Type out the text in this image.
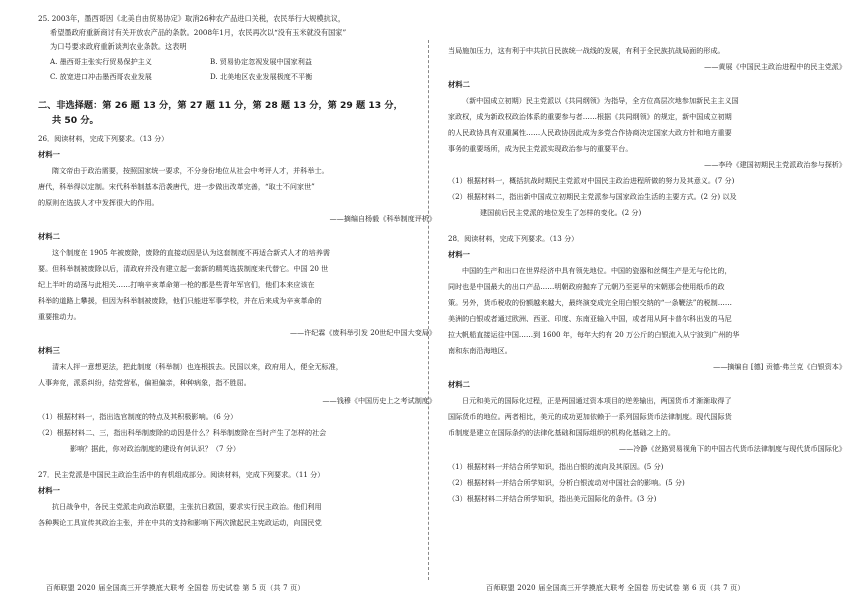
25. 2003年，墨西哥因《北美自由贸易协定》取消26种农产品进口关税，农民举行大规模抗议，
希望墨政府重新商讨有关开放农产品的条款。2008年1月，农民再次以“没有玉米就没有国家”
为口号要求政府重新谈判农业条款。这表明
A. 墨西哥主张实行贸易保护主义	B. 贸易协定忽视发展中国家利益
C. 放宽进口冲击墨西哥农业发展	D. 北美地区农业发展极度不平衡
二、非选择题：第 26 题 13 分，第 27 题 11 分，第 28 题 13 分，第 29 题 13 分，
共 50 分。
26．阅读材料，完成下列要求。（13 分）
材料一
隋文帝由于政治需要，按照国家统一要求，不分身份地位从社会中考评人才，并科举士。
唐代，科举得以定制。宋代科举制基本沿袭唐代，进一步做出改革完善，“取士不问家世”
的原则在选拔人才中发挥很大的作用。
——摘编自杨毅《科举制度评析》
材料二
这个制度在 1905 年被废除，废除的直接动因是认为这套制度不再适合新式人才的培养需
要。但科举制被废除以后，清政府并没有建立起一套新的精英选拔制度来代替它。中国 20 世
纪上半叶的动荡与此相关……打响辛亥革命第一枪的都是些青年军官们，他们本来应该在
科举的道路上攀援，但因为科举制被废除，他们只能进军事学校，并在后来成为辛亥革命的
重要推动力。
——许纪霖《废科举引发 20世纪中国大变局》
材料三
清末人抨一意想更法，把此制度（科举制）也连根拔去。民国以来，政府用人，便全无标准，
人事奔竞，派系纠纷，结党营私，偏袒偏亲，种种病象，指不胜屈。
——钱穆《中国历史上之考试制度》
（1）根据材料一，指出选官制度的特点及其积极影响。（6 分）
（2）根据材料二、三，指出科举制废除的动因是什么？科举制废除在当时产生了怎样的社会
影响？据此，你对政治制度的建设有何认识？（7 分）
27．民主党派是中国民主政治生活中的有机组成部分。阅读材料，完成下列要求。（11 分）
材料一
抗日战争中，各民主党派走向政治联盟，主张抗日救国，要求实行民主政治。他们利用
各种舆论工具宣传其政治主张，并在中共的支持和影响下两次掀起民主宪政运动，向国民党
当局施加压力，这有利于中共抗日民族统一战线的发展，有利于全民族抗战局面的形成。
——黄展《中国民主政治进程中的民主党派》
材料二
（新中国成立初期）民主党派以《共同纲领》为指导，全方位高层次地参加新民主主义国
家政权，成为新政权政治体系的重要参与者……根据《共同纲领》的规定，新中国成立初期
的人民政协具有双重属性……人民政协因此成为多党合作协商决定国家大政方针和地方重要
事务的重要场所，成为民主党派实现政治参与的重要平台。
——李玲《建国初期民主党派政治参与探析》
（1）根据材料一，概括抗战时期民主党派对中国民主政治进程所做的努力及其意义。(7 分)
（2）根据材料二，指出新中国成立初期民主党派参与国家政治生活的主要方式。(2 分) 以及
建国前后民主党派的地位发生了怎样的变化。(2 分)
28．阅读材料，完成下列要求。（13 分）
材料一
中国的生产和出口在世界经济中具有领先地位。中国的瓷器和丝绸生产是无与伦比的，
同时也是中国最大的出口产品……明朝政府抛弃了元朝乃至更早的宋朝那会使用纸币的政
策。另外，货币税收的份额越来越大，最终演变成完全用白银交纳的“一条鞭法”的税制……
美洲的白银或者通过欧洲、西亚、印度、东南亚输入中国，或者用从阿卡普尔科出发的马尼
拉大帆船直接运往中国……到 1600 年，每年大约有 20 万公斤的白银流入从宁波到广州的华
南和东南沿海地区。
——摘编自 [德] 贡德·弗兰克《白银资本》
材料二
日元和美元的国际化过程，正是两国通过资本项目的逆差输出，两国货币才渐渐取得了
国际货币的地位。两者相比，美元的成功更加依赖于一系列国际货币法律制度。现代国际货
币制度是建立在国际条约的法律化基础和国际组织的机构化基础之上的。
——冷静《丝路贸易视角下的中国古代货币法律制度与现代货币国际化》
（1）根据材料一并结合所学知识，指出白银的流向及其原因。(5 分)
（2）根据材料一并结合所学知识，分析白银流动对中国社会的影响。(5 分)
（3）根据材料二并结合所学知识，指出美元国际化的条件。(3 分)
百师联盟 2020 届全国高三开学摸底大联考 全国卷 历史试卷 第 5 页（共 7 页）	百师联盟 2020 届全国高三开学摸底大联考 全国卷 历史试卷 第 6 页（共 7 页）
